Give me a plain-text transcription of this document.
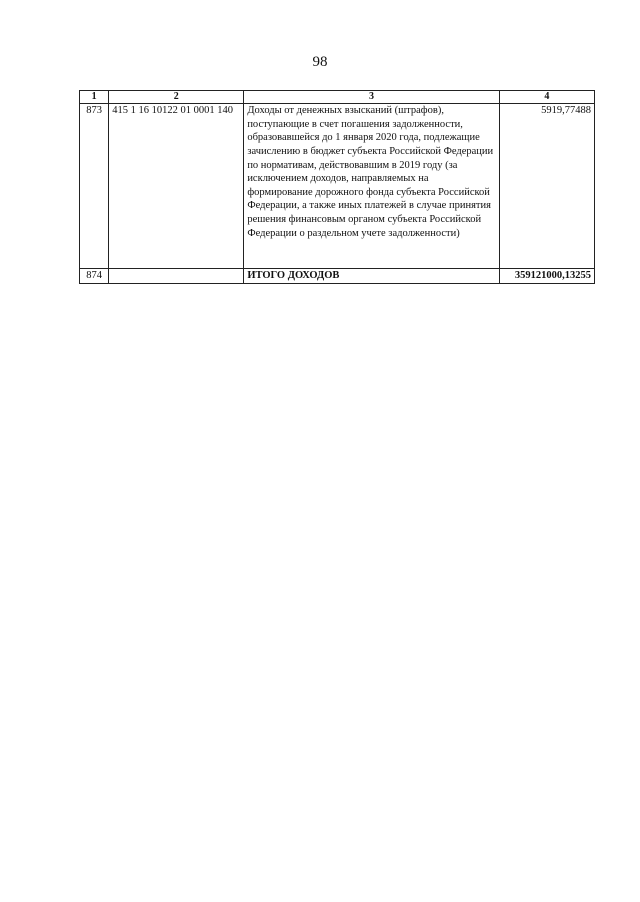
98
1	2	3	4
873	415 1 16 10122 01 0001 140	Доходы от денежных взысканий (штрафов), поступающие в счет погашения задолженности, образовавшейся до 1 января 2020 года, подлежащие зачислению в бюджет субъекта Российской Федерации по нормативам, действовавшим в 2019 году (за исключением доходов, направляемых на формирование дорожного фонда субъекта Российской Федерации, а также иных платежей в случае принятия решения финансовым органом субъекта Российской Федерации о раздельном учете задолженности)	5919,77488
874		ИТОГО ДОХОДОВ	359121000,13255
